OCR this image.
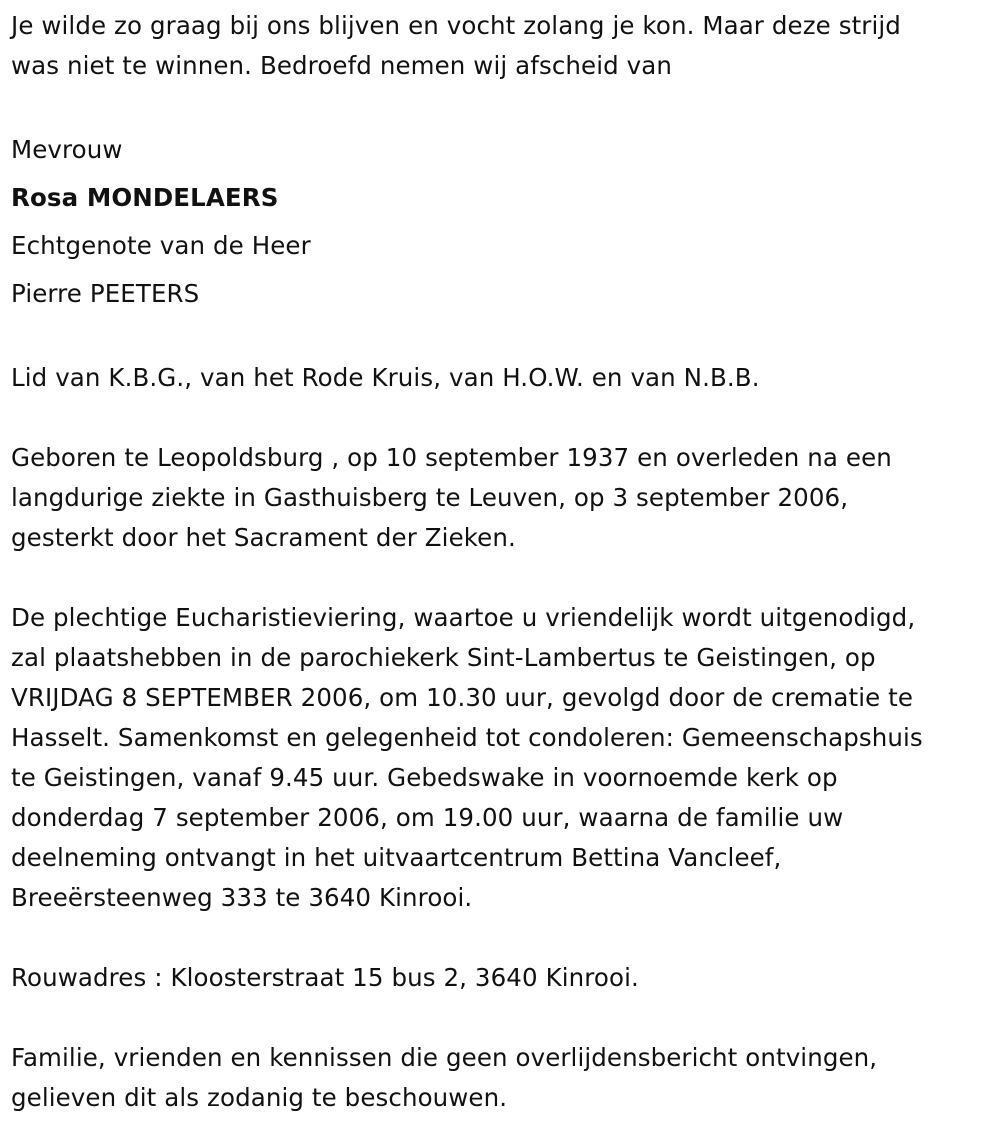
Je wilde zo graag bij ons blijven en vocht zolang je kon. Maar deze strijd

was niet te winnen. Bedroefd nemen wij afscheid van

Mevrouw

Rosa MONDELAERS

Echtgenote van de Heer

Pierre PEETERS

Lid van K.B.G., van het Rode Kruis, van H.O.W. en van N.B.B.

Geboren te Leopoldsburg , op 10 september 1937 en overleden na een

langdurige ziekte in Gasthuisberg te Leuven, op 3 september 2006,

gesterkt door het Sacrament der Zieken.

De plechtige Eucharistieviering, waartoe u vriendelijk wordt uitgenodigd,

zal plaatshebben in de parochiekerk Sint-Lambertus te Geistingen, op

VRIJDAG 8 SEPTEMBER 2006, om 10.30 uur, gevolgd door de crematie te

Hasselt. Samenkomst en gelegenheid tot condoleren: Gemeenschapshuis

te Geistingen, vanaf 9.45 uur. Gebedswake in voornoemde kerk op

donderdag 7 september 2006, om 19.00 uur, waarna de familie uw

deelneming ontvangt in het uitvaartcentrum Bettina Vancleef,

Breeërsteenweg 333 te 3640 Kinrooi.

Rouwadres : Kloosterstraat 15 bus 2, 3640 Kinrooi.

Familie, vrienden en kennissen die geen overlijdensbericht ontvingen,

gelieven dit als zodanig te beschouwen.
